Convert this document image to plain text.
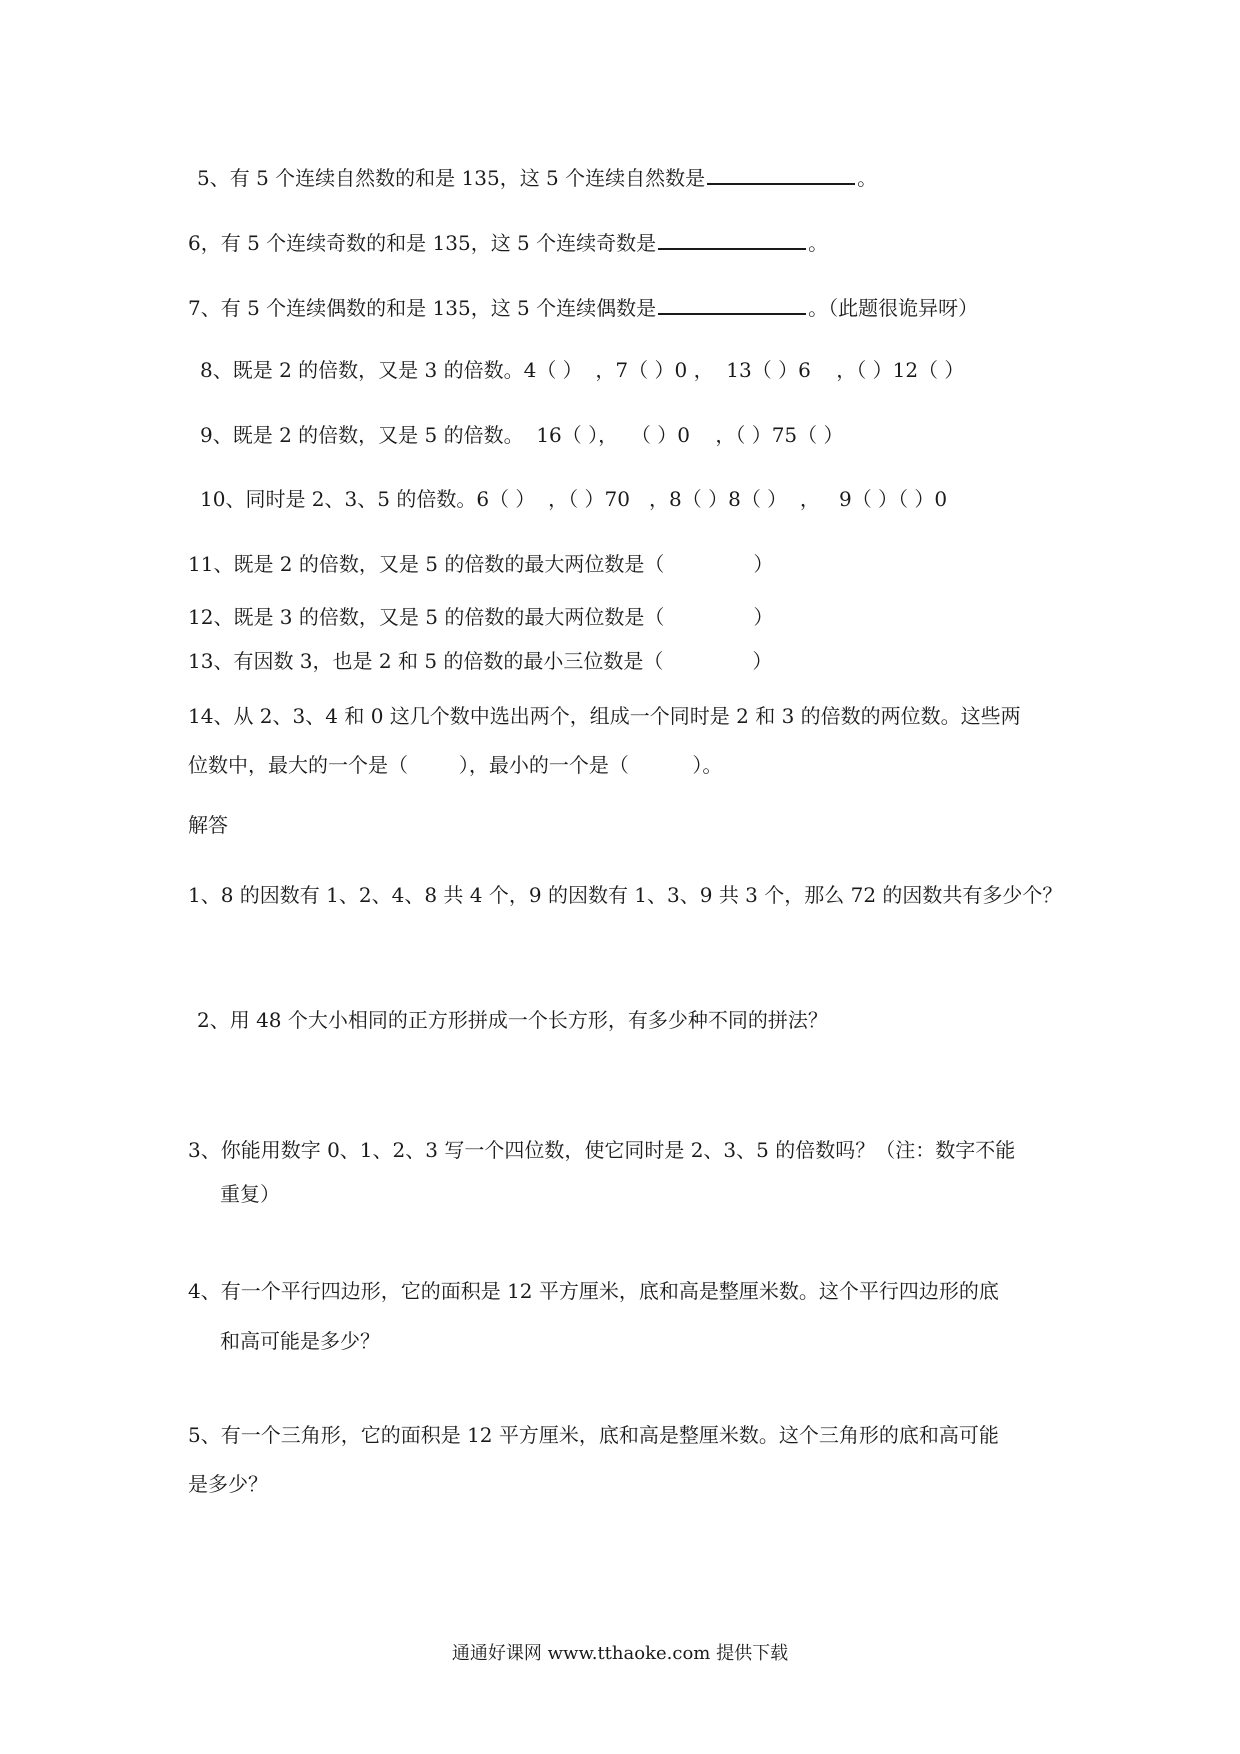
5、有 5 个连续自然数的和是 135，这 5 个连续自然数是	。
6，有 5 个连续奇数的和是 135，这 5 个连续奇数是	。
7、有 5 个连续偶数的和是 135，这 5 个连续偶数是	。（此题很诡异呀）
8、既是 2 的倍数，又是 3 的倍数。4（ ）  ，7（ ）0 ，  13（ ）6    ，（ ）12（ ）
9、既是 2 的倍数，又是 5 的倍数。  16（ ），  （ ）0    ，（ ）75（ ）
10、同时是 2、3、5 的倍数。6（ ）  ，（ ）70   ，8（ ）8（ ）  ，   9（ ）（ ）0
11、既是 2 的倍数，又是 5 的倍数的最大两位数是（              ）
12、既是 3 的倍数，又是 5 的倍数的最大两位数是（              ）
13、有因数 3，也是 2 和 5 的倍数的最小三位数是（              ）
14、从 2、3、4 和 0 这几个数中选出两个，组成一个同时是 2 和 3 的倍数的两位数。这些两
位数中，最大的一个是（        ），最小的一个是（          ）。
解答
1、8 的因数有 1、2、4、8 共 4 个，9 的因数有 1、3、9 共 3 个，那么 72 的因数共有多少个？
2、用 48 个大小相同的正方形拼成一个长方形，有多少种不同的拼法？
3、你能用数字 0、1、2、3 写一个四位数，使它同时是 2、3、5 的倍数吗？（注：数字不能
重复）
4、有一个平行四边形，它的面积是 12 平方厘米，底和高是整厘米数。这个平行四边形的底
和高可能是多少？
5、有一个三角形，它的面积是 12 平方厘米，底和高是整厘米数。这个三角形的底和高可能
是多少？
通通好课网 www.tthaoke.com 提供下载
